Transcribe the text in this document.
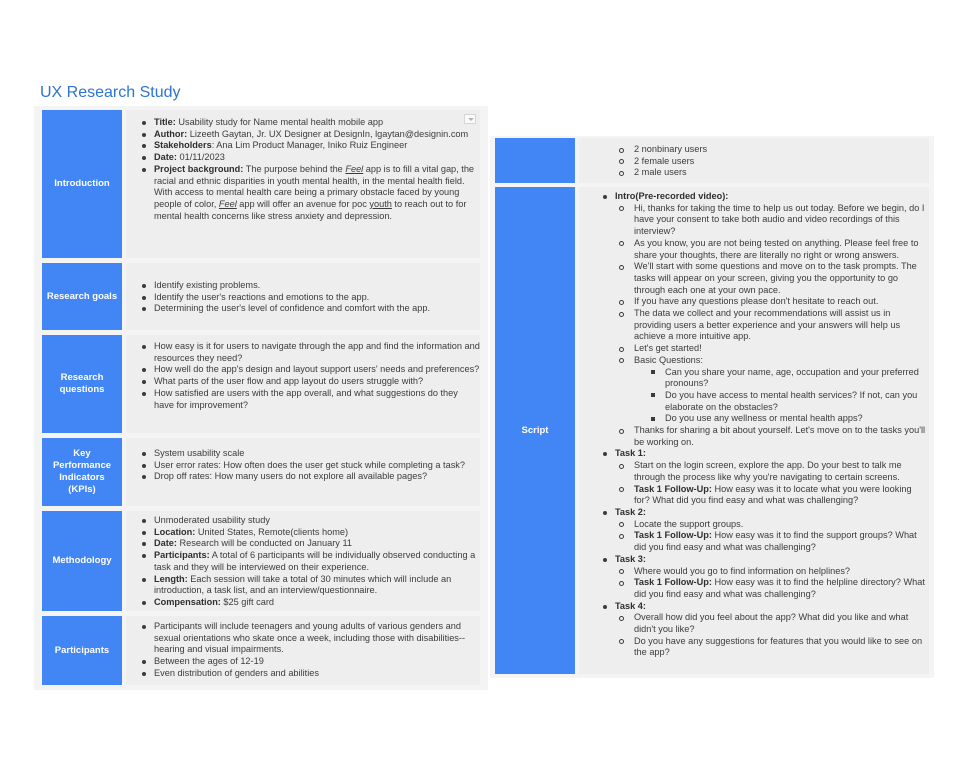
UX Research Study
Introduction
Title: Usability study for Name mental health mobile app
Author: Lizeeth Gaytan, Jr. UX Designer at DesignIn, lgaytan@designin.com
Stakeholders: Ana Lim Product Manager, Iniko Ruiz Engineer
Date: 01/11/2023
Project background: The purpose behind the Feel app is to fill a vital gap, the racial and ethnic disparities in youth mental health, in the mental health field. With access to mental health care being a primary obstacle faced by young people of color, Feel app will offer an avenue for poc youth to reach out to for mental health concerns like stress anxiety and depression.
Research goals
Identify existing problems.
Identify the user's reactions and emotions to the app.
Determining the user's level of confidence and comfort with the app.
Research questions
How easy is it for users to navigate through the app and find the information and resources they need?
How well do the app's design and layout support users' needs and preferences?
What parts of the user flow and app layout do users struggle with?
How satisfied are users with the app overall, and what suggestions do they have for improvement?
Key Performance Indicators (KPIs)
System usability scale
User error rates: How often does the user get stuck while completing a task?
Drop off rates: How many users do not explore all available pages?
Methodology
Unmoderated usability study
Location: United States, Remote(clients home)
Date: Research will be conducted on January 11
Participants: A total of 6 participants will be individually observed conducting a task and they will be interviewed on their experience.
Length: Each session will take a total of 30 minutes which will include an introduction, a task list, and an interview/questionnaire.
Compensation: $25 gift card
Participants
Participants will include teenagers and young adults of various genders and sexual orientations who skate once a week, including those with disabilities--hearing and visual impairments.
Between the ages of 12-19
Even distribution of genders and abilities
2 nonbinary users
2 female users
2 male users
Script
Intro(Pre-recorded video):
Hi, thanks for taking the time to help us out today. Before we begin, do I have your consent to take both audio and video recordings of this interview?
As you know, you are not being tested on anything. Please feel free to share your thoughts, there are literally no right or wrong answers.
We'll start with some questions and move on to the task prompts. The tasks will appear on your screen, giving you the opportunity to go through each one at your own pace.
If you have any questions please don't hesitate to reach out.
The data we collect and your recommendations will assist us in providing users a better experience and your answers will help us achieve a more intuitive app.
Let's get started!
Basic Questions:
Can you share your name, age, occupation and your preferred pronouns?
Do you have access to mental health services? If not, can you elaborate on the obstacles?
Do you use any wellness or mental health apps?
Thanks for sharing a bit about yourself. Let's move on to the tasks you'll be working on.
Task 1:
Start on the login screen, explore the app. Do your best to talk me through the process like why you're navigating to certain screens.
Task 1 Follow-Up: How easy was it to locate what you were looking for? What did you find easy and what was challenging?
Task 2:
Locate the support groups.
Task 1 Follow-Up: How easy was it to find the support groups? What did you find easy and what was challenging?
Task 3:
Where would you go to find information on helplines?
Task 1 Follow-Up: How easy was it to find the helpline directory? What did you find easy and what was challenging?
Task 4:
Overall how did you feel about the app? What did you like and what didn't you like?
Do you have any suggestions for features that you would like to see on the app?
